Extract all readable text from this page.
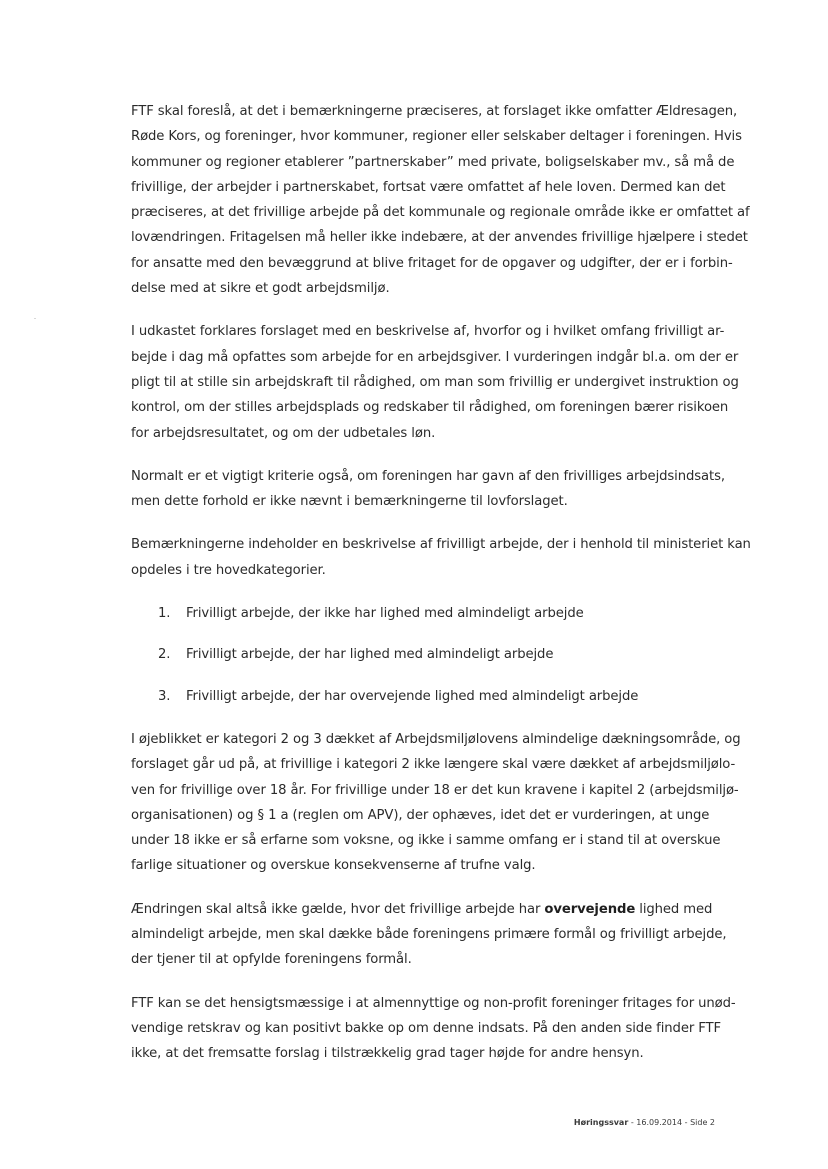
FTF skal foreslå, at det i bemærkningerne præciseres, at forslaget ikke omfatter Ældresagen,
Røde Kors, og foreninger, hvor kommuner, regioner eller selskaber deltager i foreningen. Hvis
kommuner og regioner etablerer ”partnerskaber” med private, boligselskaber mv., så må de
frivillige, der arbejder i partnerskabet, fortsat være omfattet af hele loven. Dermed kan det
præciseres, at det frivillige arbejde på det kommunale og regionale område ikke er omfattet af
lovændringen. Fritagelsen må heller ikke indebære, at der anvendes frivillige hjælpere i stedet
for ansatte med den bevæggrund at blive fritaget for de opgaver og udgifter, der er i forbin-
delse med at sikre et godt arbejdsmiljø.

I udkastet forklares forslaget med en beskrivelse af, hvorfor og i hvilket omfang frivilligt ar-
bejde i dag må opfattes som arbejde for en arbejdsgiver. I vurderingen indgår bl.a. om der er
pligt til at stille sin arbejdskraft til rådighed, om man som frivillig er undergivet instruktion og
kontrol, om der stilles arbejdsplads og redskaber til rådighed, om foreningen bærer risikoen
for arbejdsresultatet, og om der udbetales løn.

Normalt er et vigtigt kriterie også, om foreningen har gavn af den frivilliges arbejdsindsats,
men dette forhold er ikke nævnt i bemærkningerne til lovforslaget.

Bemærkningerne indeholder en beskrivelse af frivilligt arbejde, der i henhold til ministeriet kan
opdeles i tre hovedkategorier.

1.	Frivilligt arbejde, der ikke har lighed med almindeligt arbejde
2.	Frivilligt arbejde, der har lighed med almindeligt arbejde
3.	Frivilligt arbejde, der har overvejende lighed med almindeligt arbejde

I øjeblikket er kategori 2 og 3 dækket af Arbejdsmiljølovens almindelige dækningsområde, og
forslaget går ud på, at frivillige i kategori 2 ikke længere skal være dækket af arbejdsmiljølo-
ven for frivillige over 18 år. For frivillige under 18 er det kun kravene i kapitel 2 (arbejdsmiljø-
organisationen) og § 1 a (reglen om APV), der ophæves, idet det er vurderingen, at unge
under 18 ikke er så erfarne som voksne, og ikke i samme omfang er i stand til at overskue
farlige situationer og overskue konsekvenserne af trufne valg.

Ændringen skal altså ikke gælde, hvor det frivillige arbejde har overvejende lighed med
almindeligt arbejde, men skal dække både foreningens primære formål og frivilligt arbejde,
der tjener til at opfylde foreningens formål.

FTF kan se det hensigtsmæssige i at almennyttige og non-profit foreninger fritages for unød-
vendige retskrav og kan positivt bakke op om denne indsats. På den anden side finder FTF
ikke, at det fremsatte forslag i tilstrækkelig grad tager højde for andre hensyn.

Høringssvar - 16.09.2014 - Side 2
